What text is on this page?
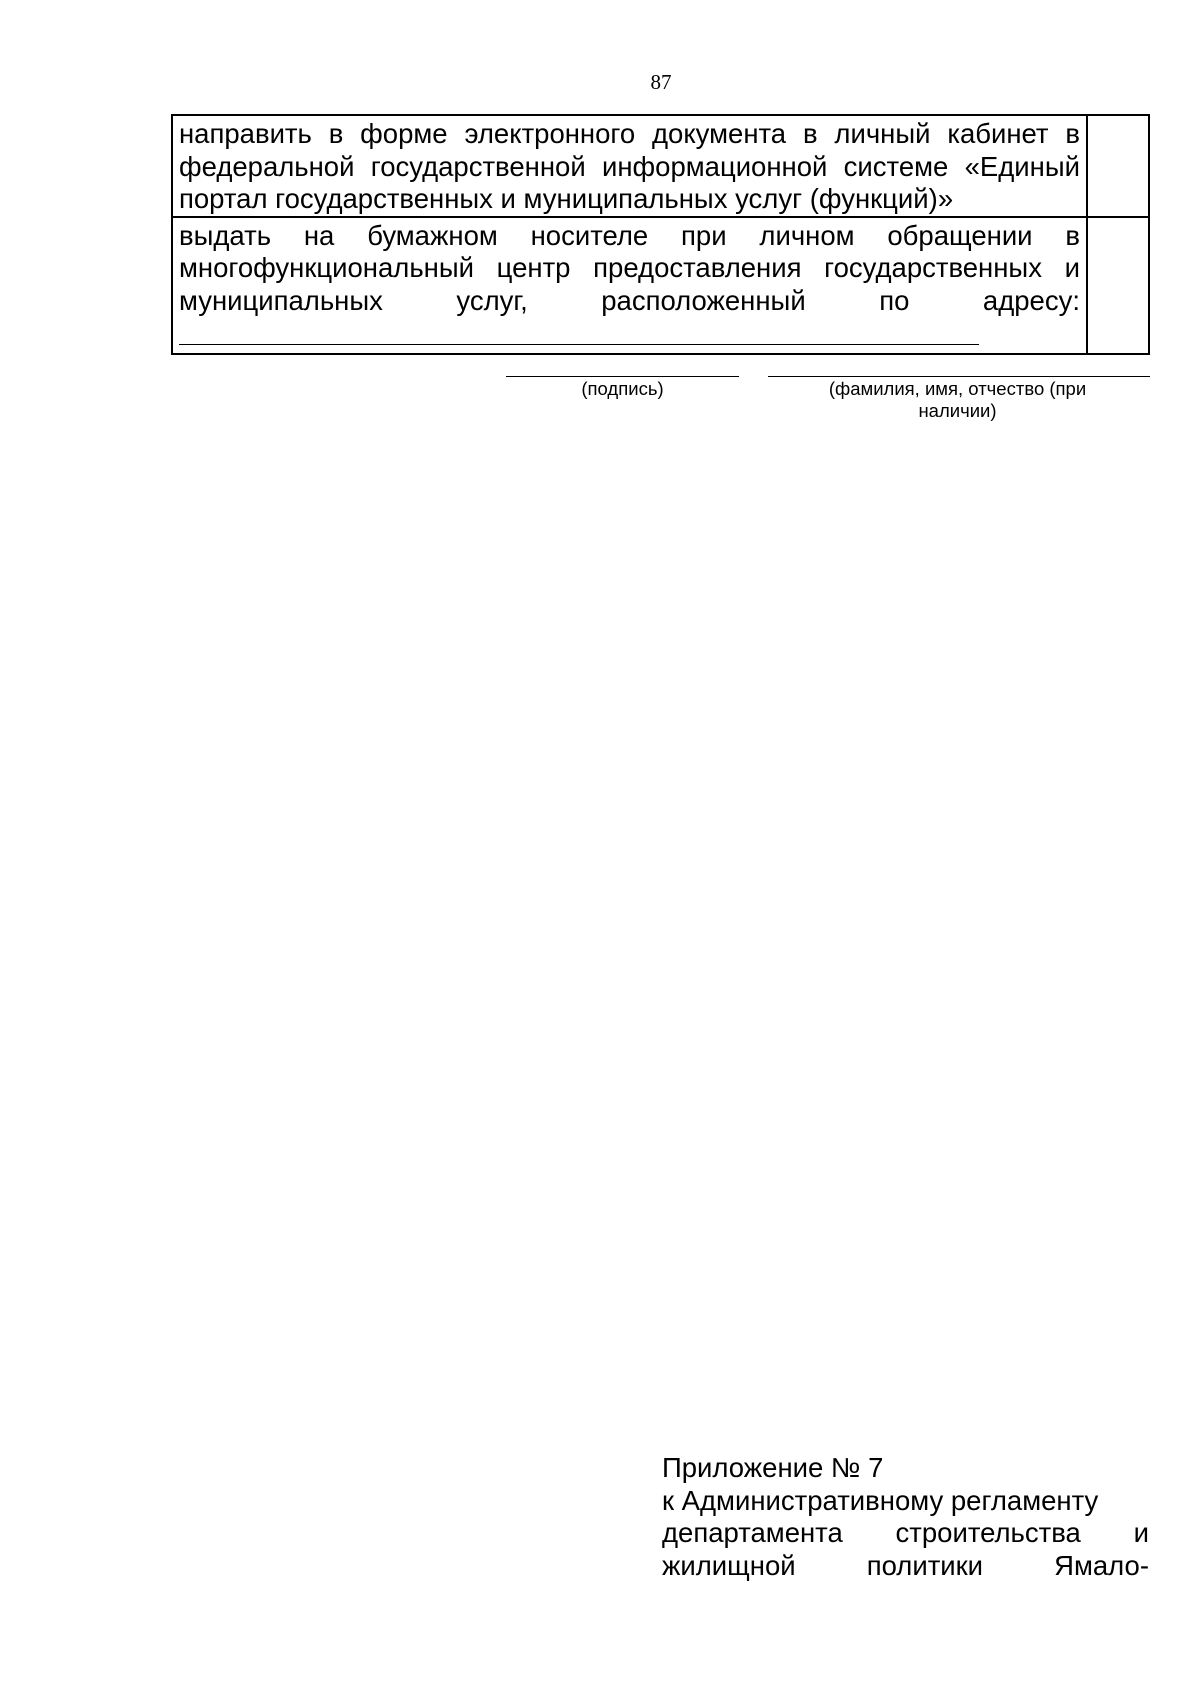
87
направить в форме электронного документа в личный кабинет в федеральной государственной информационной системе «Единый портал государственных и муниципальных услуг (функций)»	

выдать на бумажном носителе при личном обращении в многофункциональный центр предоставления государственных и муниципальных услуг, расположенный по адресу:	

(подпись)	(фамилия, имя, отчество (при наличии)
Приложение № 7
к Административному регламенту
департамента строительства и
жилищной	политики	Ямало-
